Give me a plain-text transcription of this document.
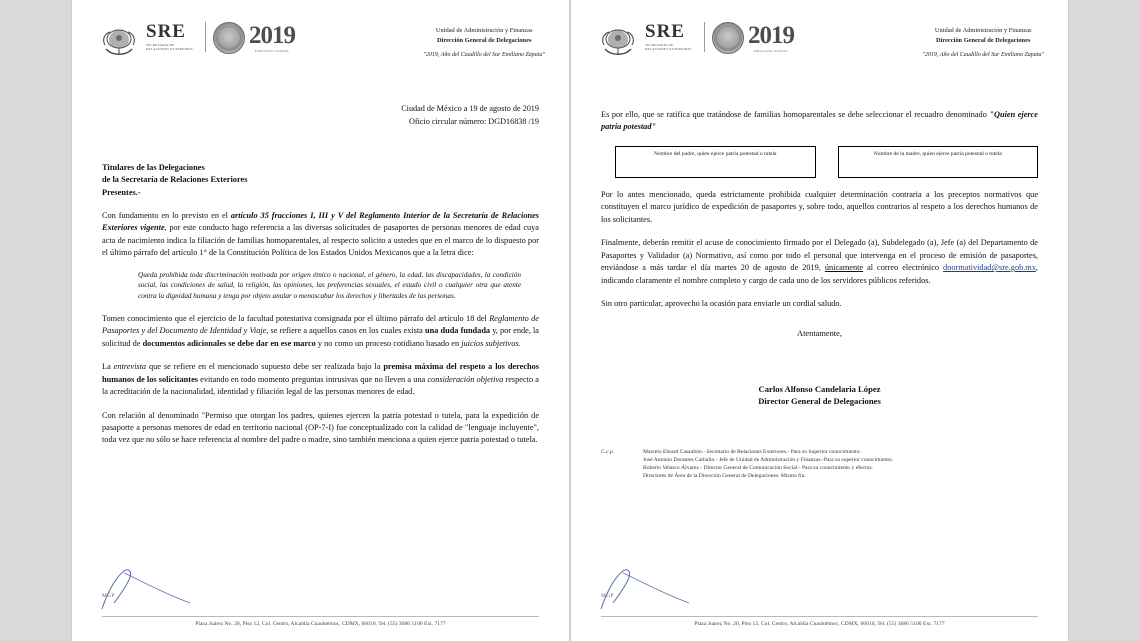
SRE
SECRETARÍA DE RELACIONES EXTERIORES
2019
EMILIANO ZAPATA
Unidad de Administración y Finanzas
Dirección General de Delegaciones
"2019, Año del Caudillo del Sur Emiliano Zapata"
Ciudad de México a 19 de agosto de 2019
Oficio circular número: DGD16838 /19
Titulares de las Delegaciones
de la Secretaría de Relaciones Exteriores
Presentes.-

Con fundamento en lo previsto en el artículo 35 fracciones I, III y V del Reglamento Interior de la Secretaría de Relaciones Exteriores vigente, por este conducto hago referencia a las diversas solicitudes de pasaportes de personas menores de edad cuya acta de nacimiento indica la filiación de familias homoparentales, al respecto solicito a ustedes que en el marco de lo dispuesto por el último párrafo del artículo 1° de la Constitución Política de los Estados Unidos Mexicanos que a la letra dice:

Queda prohibida toda discriminación motivada por origen étnico o nacional, el género, la edad, las discapacidades, la condición social, las condiciones de salud, la religión, las opiniones, las preferencias sexuales, el estado civil o cualquier otra que atente contra la dignidad humana y tenga por objeto anular o menoscabar los derechos y libertades de las personas.

Tomen conocimiento que el ejercicio de la facultad potestativa consignada por el último párrafo del artículo 18 del Reglamento de Pasaportes y del Documento de Identidad y Viaje, se refiere a aquellos casos en los cuales exista una duda fundada y, por ende, la solicitud de documentos adicionales se debe dar en ese marco y no como un proceso cotidiano basado en juicios subjetivos.

La entrevista que se refiere en el mencionado supuesto debe ser realizada bajo la premisa máxima del respeto a los derechos humanos de los solicitantes evitando en todo momento preguntas intrusivas que no lleven a una consideración objetiva respecto a la acreditación de la nacionalidad, identidad y filiación legal de las personas menores de edad.

Con relación al denominado "Permiso que otorgan los padres, quienes ejercen la patria potestad o tutela, para la expedición de pasaporte a personas menores de edad en territorio nacional (OP-7-I) fue conceptualizado con la calidad de "lenguaje incluyente", toda vez que no sólo se hace referencia al nombre del padre o madre, sino también menciona a quien ejerce patria potestad o tutela.

MGP
Plaza Juárez No. 20, Piso 12, Col. Centro, Alcaldía Cuauhtémoc, CDMX, 06010, Tel. (55) 3686 5100 Ext. 7177
SRE
SECRETARÍA DE RELACIONES EXTERIORES
2019
EMILIANO ZAPATA
Unidad de Administración y Finanzas
Dirección General de Delegaciones
"2019, Año del Caudillo del Sur Emiliano Zapata"

Es por ello, que se ratifica que tratándose de familias homoparentales se debe seleccionar el recuadro denominado "Quien ejerce patria potestad"

Nombre del padre, quien ejerce patria potestad o tutela	Nombre de la madre, quien ejerce patria potestad o tutela

Por lo antes mencionado, queda estrictamente prohibida cualquier determinación contraria a los preceptos normativos que constituyen el marco jurídico de expedición de pasaportes y, sobre todo, aquellos contrarios al respeto a los derechos humanos de los solicitantes.

Finalmente, deberán remitir el acuse de conocimiento firmado por el Delegado (a), Subdelegado (a), Jefe (a) del Departamento de Pasaportes y Validador (a) Normativo, así como por todo el personal que intervenga en el proceso de emisión de pasaportes, enviándose a más tardar el día martes 20 de agosto de 2019, únicamente al correo electrónico dnormatividad@sre.gob.mx, indicando claramente el nombre completo y cargo de cada uno de los servidores públicos referidos.

Sin otro particular, aprovecho la ocasión para enviarle un cordial saludo.

Atentamente,
Carlos Alfonso Candelaria López
Director General de Delegaciones
C.c.p.	Marcelo Ebrard Casaubón.- Secretario de Relaciones Exteriores.- Para su Superior conocimiento.
José Antonio Dorantes Carballo.- Jefe de Unidad de Administración y Finanzas.-Para su superior conocimiento.
Roberto Velasco Álvarez.- Director General de Comunicación Social.- Para su conocimiento y efectos.
Directores de Área de la Dirección General de Delegaciones. Mismo fin.
MGP
Plaza Juárez No. 20, Piso 12, Col. Centro, Alcaldía Cuauhtémoc, CDMX, 06010, Tel. (55) 3686 5100 Ext. 7177
